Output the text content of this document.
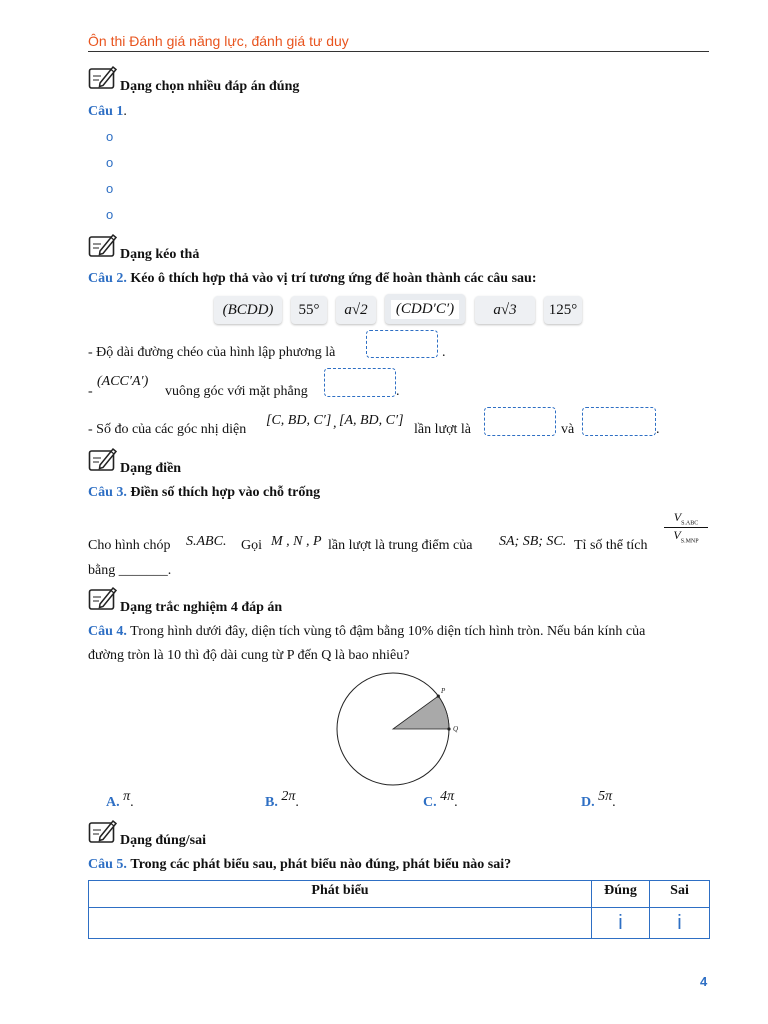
Ôn thi Đánh giá năng lực, đánh giá tư duy
Dạng chọn nhiều đáp án đúng
Câu 1.
o
o
o
o
Dạng kéo thả
Câu 2. Kéo ô thích hợp thả vào vị trí tương ứng để hoàn thành các câu sau:
(BCDD)	55°	a√2	(CDD′C′)	a√3	125°
- Độ dài đường chéo của hình lập phương là	.
-
(ACC′A′)
vuông góc với mặt phẳng	.
- Số đo của các góc nhị diện
[C, BD, C′] , [A, BD, C′]
lần lượt là	và	.
Dạng điền
Câu 3. Điền số thích hợp vào chỗ trống
Cho hình chóp S.ABC. Gọi M , N , P lần lượt là trung điểm của SA; SB; SC. Tỉ số thể tích
$V_{S.ABC}$
$V_{S.MNP}$
bằng _______.
Dạng trắc nghiệm 4 đáp án
Câu 4. Trong hình dưới đây, diện tích vùng tô đậm bằng 10% diện tích hình tròn. Nếu bán kính của
đường tròn là 10 thì độ dài cung từ P đến Q là bao nhiêu?
P
Q
A. π.	B. 2π.	C. 4π.	D. 5π.
Dạng đúng/sai
Câu 5. Trong các phát biểu sau, phát biểu nào đúng, phát biểu nào sai?
Phát biểu	Đúng	Sai
	i	i
4
